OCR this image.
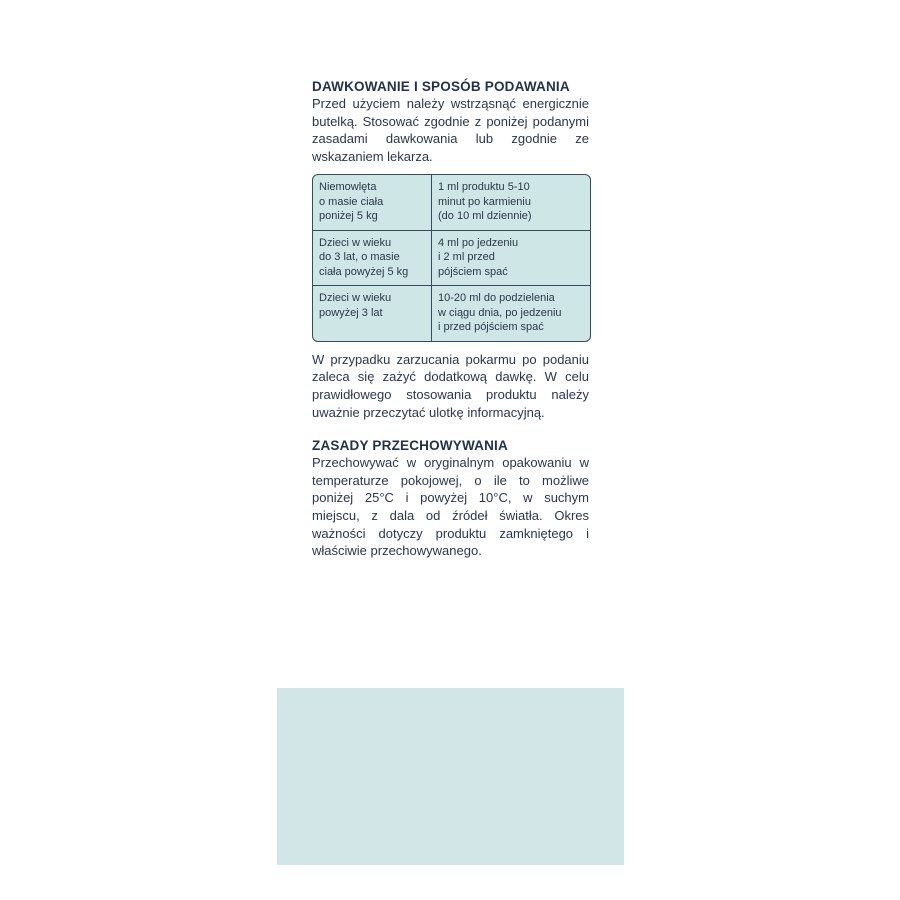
DAWKOWANIE I SPOSÓB PODAWANIA

Przed użyciem należy wstrząsnąć energicznie butelką. Stosować zgodnie z poniżej podanymi zasadami dawkowania lub zgodnie ze wskazaniem lekarza.

Niemowlęta
o masie ciała
poniżej 5 kg
1 ml produktu 5-10
minut po karmieniu
(do 10 ml dziennie)
Dzieci w wieku
do 3 lat, o masie
ciała powyżej 5 kg
4 ml po jedzeniu
i 2 ml przed
pójściem spać
Dzieci w wieku
powyżej 3 lat
10-20 ml do podzielenia
w ciągu dnia, po jedzeniu
i przed pójściem spać

W przypadku zarzucania pokarmu po podaniu zaleca się zażyć dodatkową dawkę. W celu prawidłowego stosowania produktu należy uważnie przeczytać ulotkę informacyjną.

ZASADY PRZECHOWYWANIA

Przechowywać w oryginalnym opakowaniu w temperaturze pokojowej, o ile to możliwe poniżej 25°C i powyżej 10°C, w suchym miejscu, z dala od źródeł światła. Okres ważności dotyczy produktu zamkniętego i właściwie przechowywanego.
